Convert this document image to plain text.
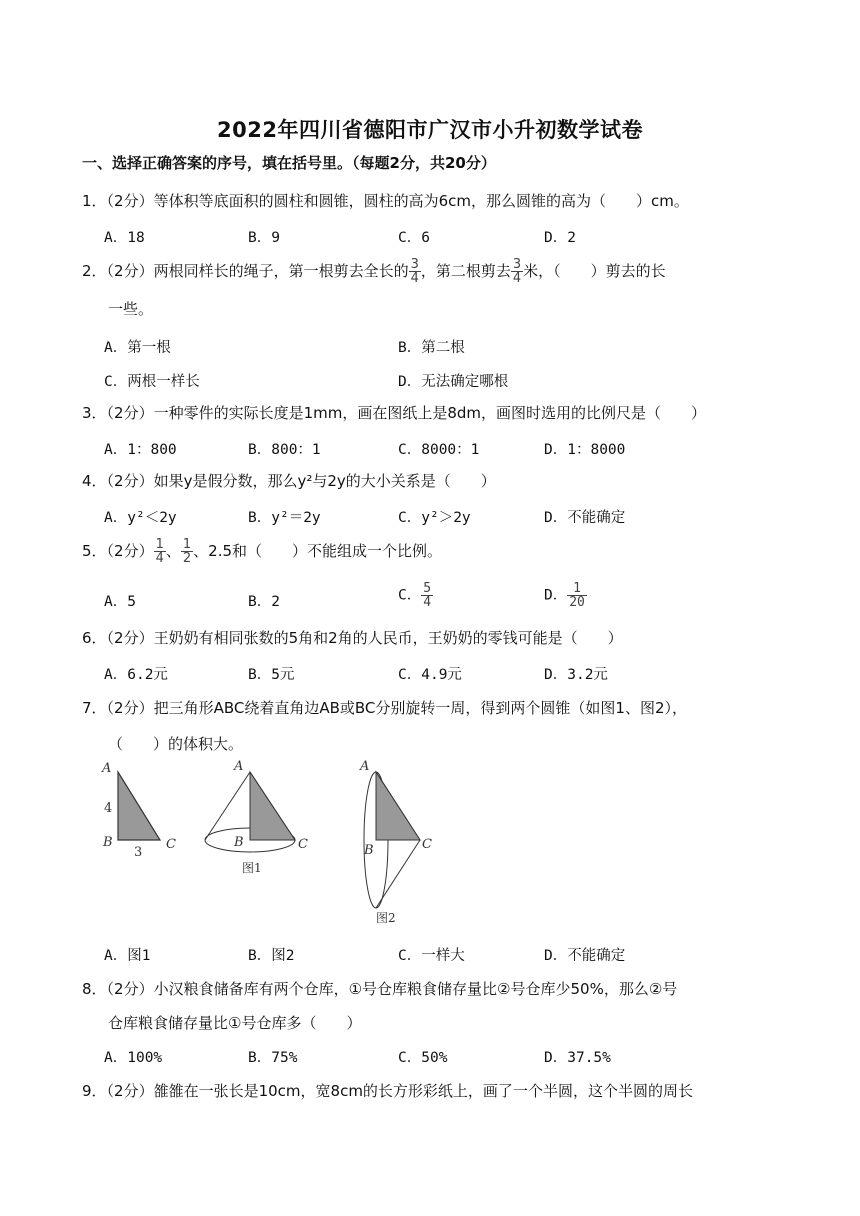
2022年四川省德阳市广汉市小升初数学试卷
一、选择正确答案的序号，填在括号里。（每题2分，共20分）
1．（2分）等体积等底面积的圆柱和圆锥，圆柱的高为6cm，那么圆锥的高为（　　）cm。
A．18	B．9	C．6	D．2
2．（2分）两根同样长的绳子，第一根剪去全长的 $\frac{3}{4}$ ，第二根剪去 $\frac{3}{4}$ 米，（　　）剪去的长
一些。
A．第一根	B．第二根
C．两根一样长	D．无法确定哪根
3．（2分）一种零件的实际长度是1mm，画在图纸上是8dm，画图时选用的比例尺是（　　）
A．1：800	B．800：1	C．8000：1	D．1：8000
4．（2分）如果y是假分数，那么y²与2y的大小关系是（　　）
A．y²＜2y	B．y²＝2y	C．y²＞2y	D．不能确定
5．（2分） $\frac{1}{4}$ 、 $\frac{1}{2}$ 、2.5和（　　）不能组成一个比例。
A．5	B．2	C． $\frac{5}{4}$	D． $\frac{1}{20}$
6．（2分）王奶奶有相同张数的5角和2角的人民币，王奶奶的零钱可能是（　　）
A．6.2元	B．5元	C．4.9元	D．3.2元
7．（2分）把三角形ABC绕着直角边AB或BC分别旋转一周，得到两个圆锥（如图1、图2），
（　　）的体积大。
A
4
B
3
C
A
B	C
图1
A
B	C
图2
A．图1	B．图2	C．一样大	D．不能确定
8．（2分）小汉粮食储备库有两个仓库，①号仓库粮食储存量比②号仓库少50%，那么②号
仓库粮食储存量比①号仓库多（　　）
A．100%	B．75%	C．50%	D．37.5%
9．（2分）雒雒在一张长是10cm，宽8cm的长方形彩纸上，画了一个半圆，这个半圆的周长
